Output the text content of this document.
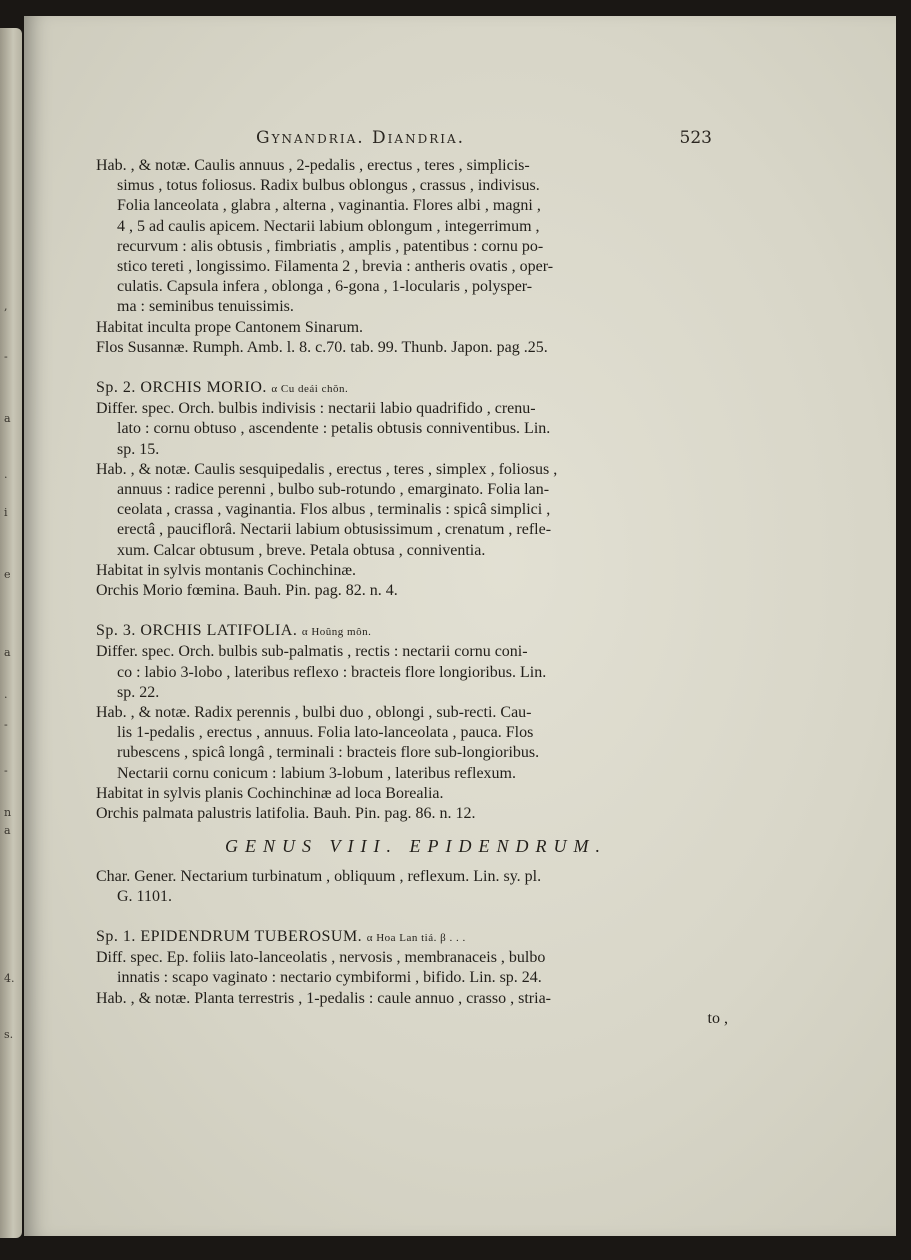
,
-
a
.
i
e
a
.
-
-
n
a
4.
s.
Gynandria. Diandria.	523

Hab. , & notæ. Caulis annuus , 2-pedalis , erectus , teres , simplicis-
simus , totus foliosus. Radix bulbus oblongus , crassus , indivisus.
Folia lanceolata , glabra , alterna , vaginantia. Flores albi , magni ,
4 , 5 ad caulis apicem. Nectarii labium oblongum , integerrimum ,
recurvum : alis obtusis , fimbriatis , amplis , patentibus : cornu po-
stico tereti , longissimo. Filamenta 2 , brevia : antheris ovatis , oper-
culatis. Capsula infera , oblonga , 6-gona , 1-locularis , polysper-
ma : seminibus tenuissimis.

Habitat inculta prope Cantonem Sinarum.
Flos Susannæ. Rumph. Amb. l. 8. c.70. tab. 99. Thunb. Japon. pag .25.
Sp. 2. ORCHIS MORIO. α Cu deái chŏn.
Differ. spec. Orch. bulbis indivisis : nectarii labio quadrifido , crenu-
lato : cornu obtuso , ascendente : petalis obtusis conniventibus. Lin.
sp. 15.
Hab. , & notæ. Caulis sesquipedalis , erectus , teres , simplex , foliosus ,
annuus : radice perenni , bulbo sub-rotundo , emarginato. Folia lan-
ceolata , crassa , vaginantia. Flos albus , terminalis : spicâ simplici ,
erectâ , pauciflorâ. Nectarii labium obtusissimum , crenatum , refle-
xum. Calcar obtusum , breve. Petala obtusa , conniventia.
Habitat in sylvis montanis Cochinchinæ.
Orchis Morio fœmina. Bauh. Pin. pag. 82. n. 4.
Sp. 3. ORCHIS LATIFOLIA. α Hoûng môn.
Differ. spec. Orch. bulbis sub-palmatis , rectis : nectarii cornu coni-
co : labio 3-lobo , lateribus reflexo : bracteis flore longioribus. Lin.
sp. 22.
Hab. , & notæ. Radix perennis , bulbi duo , oblongi , sub-recti. Cau-
lis 1-pedalis , erectus , annuus. Folia lato-lanceolata , pauca. Flos
rubescens , spicâ longâ , terminali : bracteis flore sub-longioribus.
Nectarii cornu conicum : labium 3-lobum , lateribus reflexum.
Habitat in sylvis planis Cochinchinæ ad loca Borealia.
Orchis palmata palustris latifolia. Bauh. Pin. pag. 86. n. 12.
GENUS VIII. EPIDENDRUM.
Char. Gener. Nectarium turbinatum , obliquum , reflexum. Lin. sy. pl.
G. 1101.
Sp. 1. EPIDENDRUM TUBEROSUM. α Hoa Lan tiá. β . . .
Diff. spec. Ep. foliis lato-lanceolatis , nervosis , membranaceis , bulbo
innatis : scapo vaginato : nectario cymbiformi , bifido. Lin. sp. 24.
Hab. , & notæ. Planta terrestris , 1-pedalis : caule annuo , crasso , stria-
to ,
